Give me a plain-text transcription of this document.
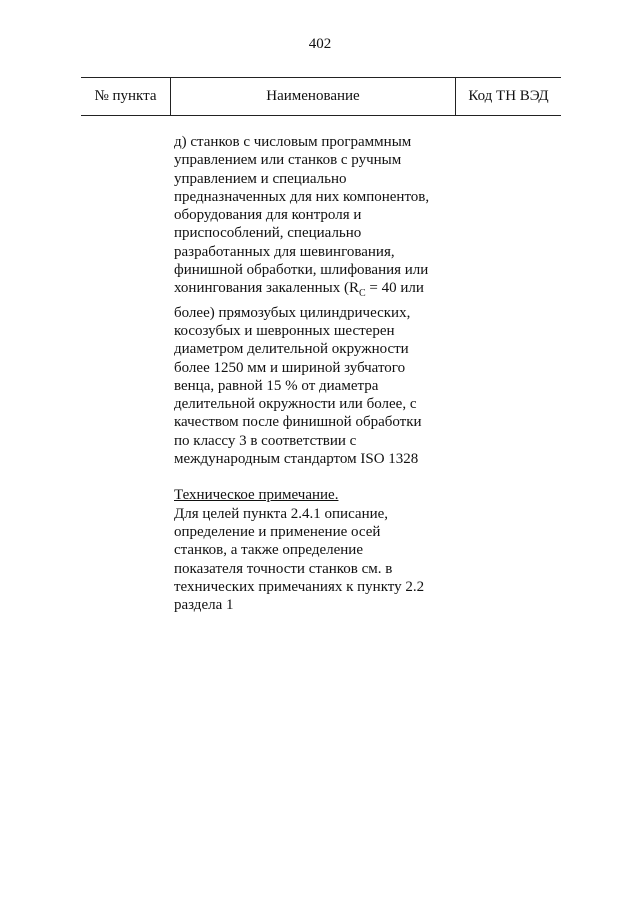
402
№ пункта	Наименование	Код ТН ВЭД

д) станков с числовым программным
управлением или станков с ручным
управлением и специально
предназначенных для них компонентов,
оборудования для контроля и
приспособлений, специально
разработанных для шевингования,
финишной обработки, шлифования или
хонингования закаленных ($R_C = 40$ или
более) прямозубых цилиндрических,
косозубых и шевронных шестерен
диаметром делительной окружности
более 1250 мм и шириной зубчатого
венца, равной 15 % от диаметра
делительной окружности или более, с
качеством после финишной обработки
по классу 3 в соответствии с
международным стандартом ISO 1328

Техническое примечание.
Для целей пункта 2.4.1 описание,
определение и применение осей
станков, а также определение
показателя точности станков см. в
технических примечаниях к пункту 2.2
раздела 1
